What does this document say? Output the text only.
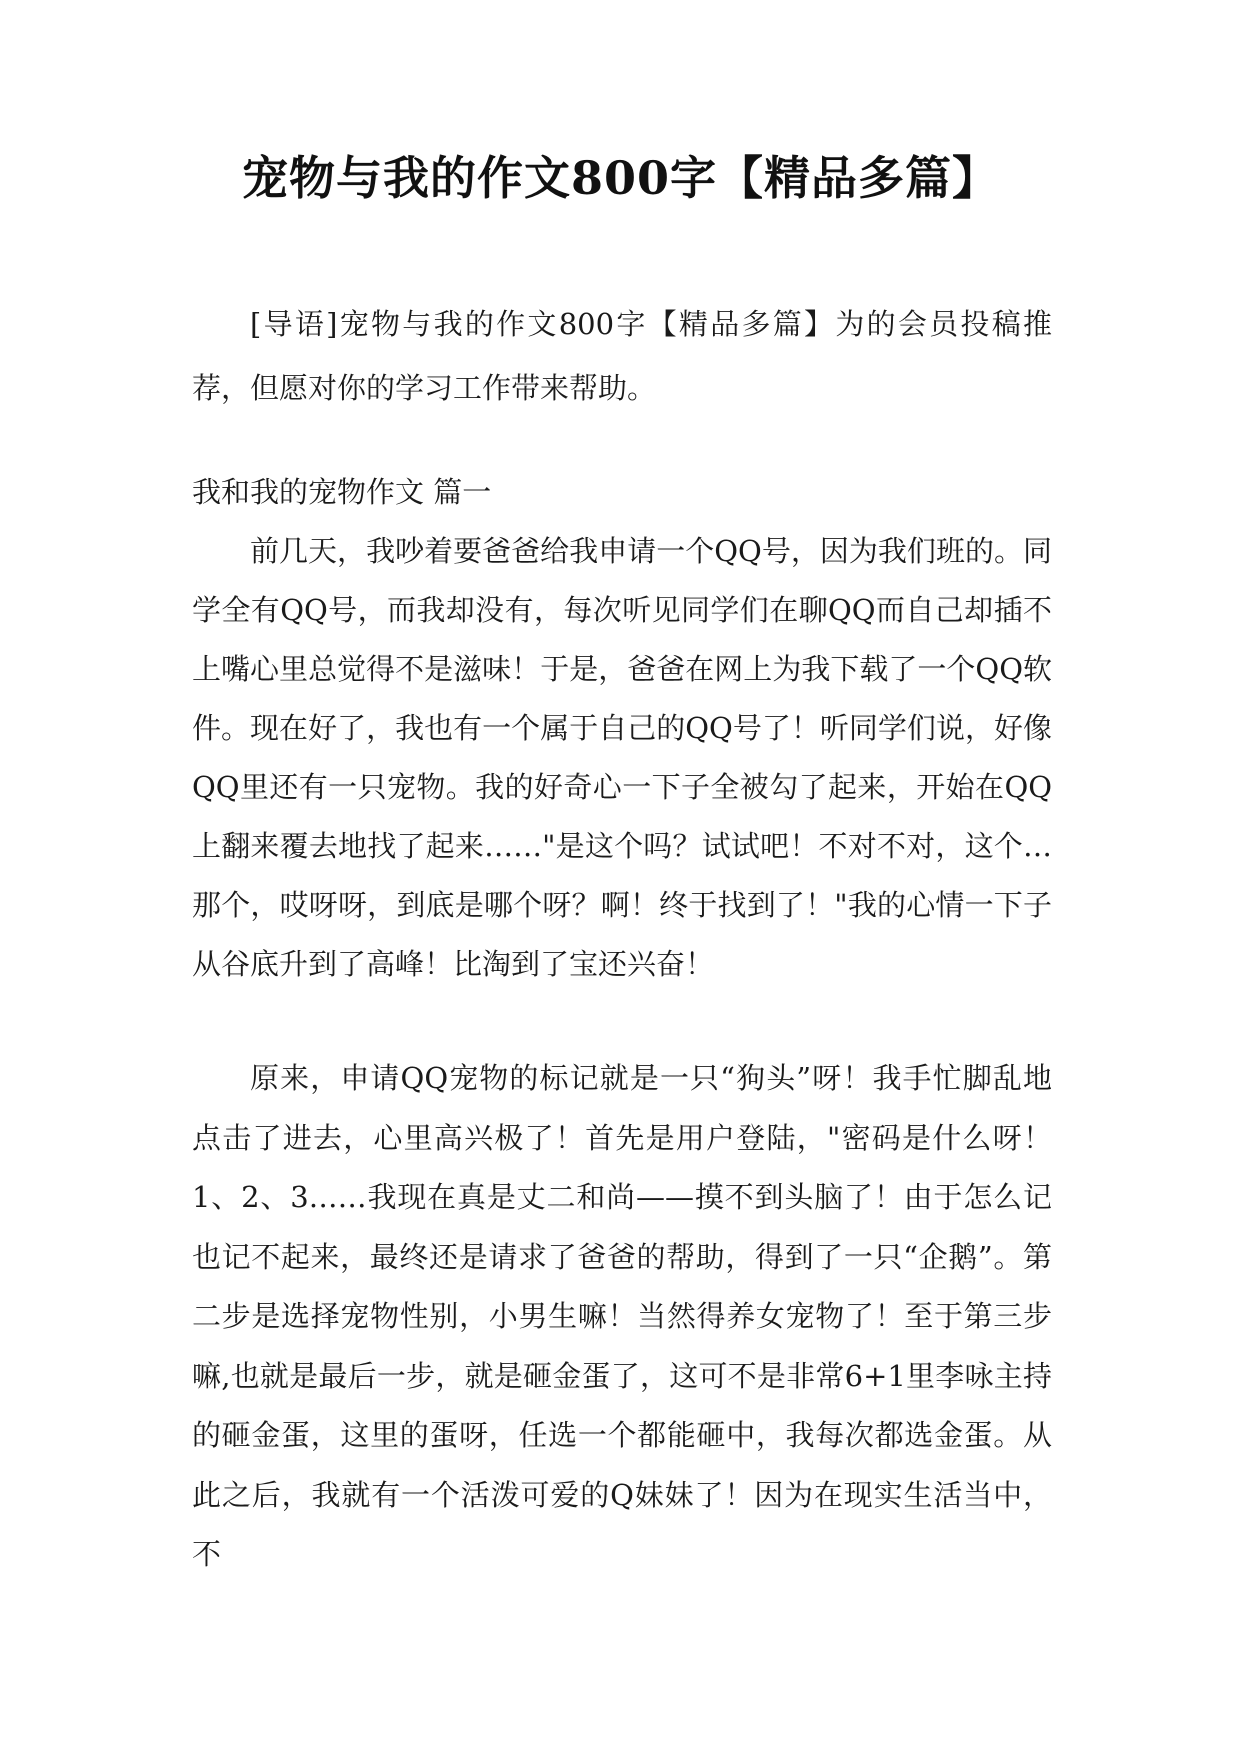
宠物与我的作文800字【精品多篇】

[导语]宠物与我的作文800字【精品多篇】为的会员投稿推荐，但愿对你的学习工作带来帮助。

我和我的宠物作文 篇一

前几天，我吵着要爸爸给我申请一个QQ号，因为我们班的。同学全有QQ号，而我却没有，每次听见同学们在聊QQ而自己却插不上嘴心里总觉得不是滋味！于是，爸爸在网上为我下载了一个QQ软件。现在好了，我也有一个属于自己的QQ号了！听同学们说，好像QQ里还有一只宠物。我的好奇心一下子全被勾了起来，开始在QQ上翻来覆去地找了起来……"是这个吗？试试吧！不对不对，这个…那个，哎呀呀，到底是哪个呀？啊！终于找到了！"我的心情一下子从谷底升到了高峰！比淘到了宝还兴奋！

原来，申请QQ宠物的标记就是一只“狗头”呀！我手忙脚乱地点击了进去，心里高兴极了！首先是用户登陆，"密码是什么呀！1、2、3……我现在真是丈二和尚——摸不到头脑了！由于怎么记也记不起来，最终还是请求了爸爸的帮助，得到了一只“企鹅”。第二步是选择宠物性别，小男生嘛！当然得养女宠物了！至于第三步嘛,也就是最后一步，就是砸金蛋了，这可不是非常6+1里李咏主持的砸金蛋，这里的蛋呀，任选一个都能砸中，我每次都选金蛋。从此之后，我就有一个活泼可爱的Q妹妹了！因为在现实生活当中，不
